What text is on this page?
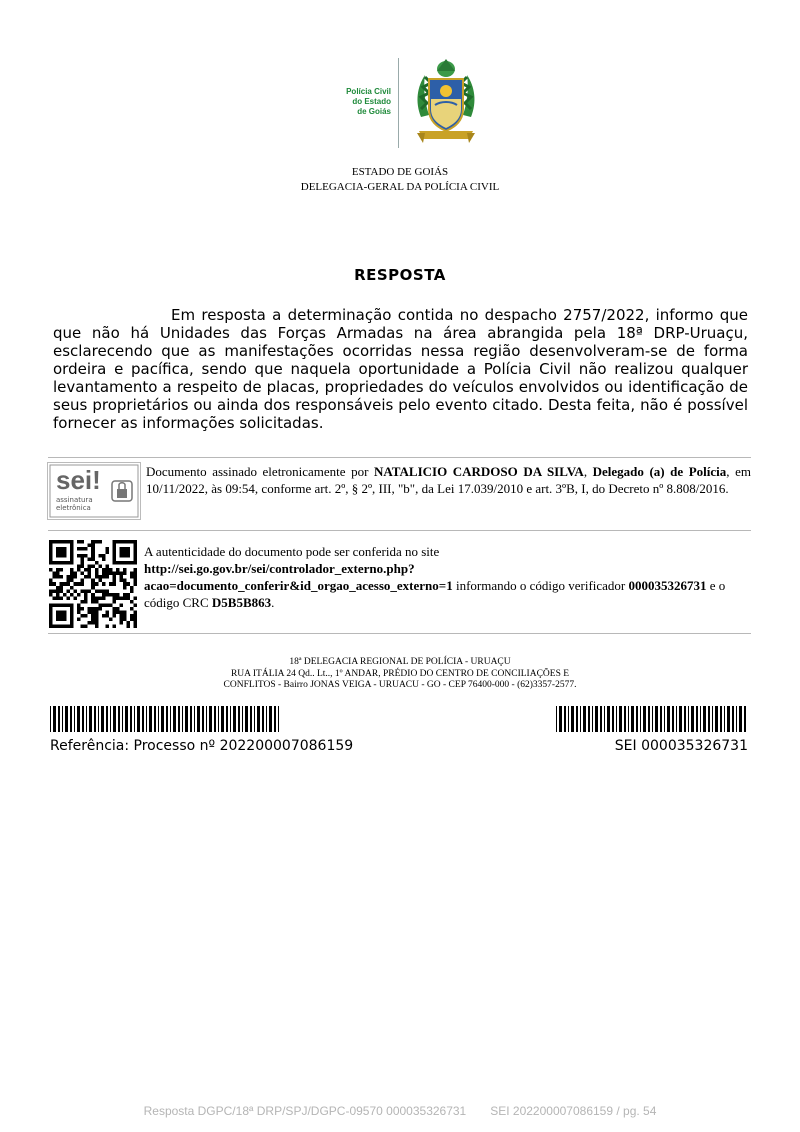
Polícia Civil
do Estado
de Goiás
ESTADO DE GOIÁS
DELEGACIA-GERAL DA POLÍCIA CIVIL
RESPOSTA

Em resposta a determinação contida no despacho 2757/2022, informo que que não há Unidades das Forças Armadas na área abrangida pela 18ª DRP-Uruaçu, esclarecendo que as manifestações ocorridas nessa região desenvolveram-se de forma ordeira e pacífica, sendo que naquela oportunidade a Polícia Civil não realizou qualquer levantamento a respeito de placas, propriedades do veículos envolvidos ou identificação de seus proprietários ou ainda dos responsáveis pelo evento citado. Desta feita, não é possível fornecer as informações solicitadas.

sei!
assinatura
eletrônica
Documento assinado eletronicamente por NATALICIO CARDOSO DA SILVA, Delegado (a) de Polícia, em 10/11/2022, às 09:54, conforme art. 2º, § 2º, III, "b", da Lei 17.039/2010 e art. 3ºB, I, do Decreto nº 8.808/2016.
A autenticidade do documento pode ser conferida no site
http://sei.go.gov.br/sei/controlador_externo.php?
acao=documento_conferir&id_orgao_acesso_externo=1 informando o código verificador 000035326731 e o código CRC D5B5B863.
18ª DELEGACIA REGIONAL DE POLÍCIA - URUAÇU
RUA ITÁLIA 24 Qd.. Lt.., 1º ANDAR, PRÉDIO DO CENTRO DE CONCILIAÇÕES E
CONFLITOS - Bairro JONAS VEIGA - URUACU - GO - CEP 76400-000 - (62)3357-2577.
Referência: Processo nº 202200007086159	SEI 000035326731
Resposta DGPC/18ª DRP/SPJ/DGPC-09570 000035326731 SEI 202200007086159 / pg. 54
